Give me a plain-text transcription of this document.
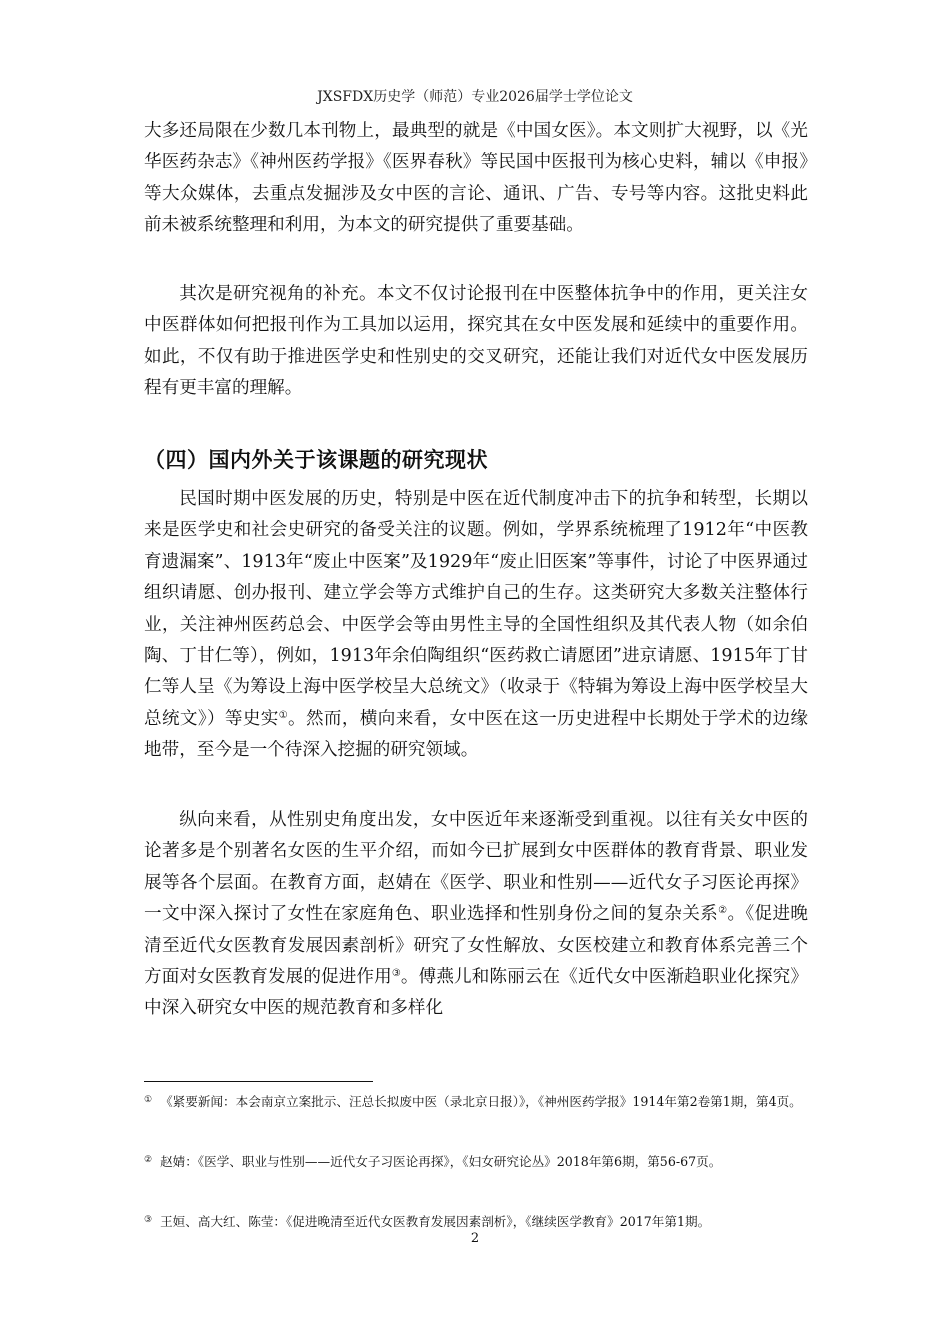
JXSFDX历史学（师范）专业2026届学士学位论文

大多还局限在少数几本刊物上，最典型的就是《中国女医》。本文则扩大视野，以《光华医药杂志》《神州医药学报》《医界春秋》等民国中医报刊为核心史料，辅以《申报》等大众媒体，去重点发掘涉及女中医的言论、通讯、广告、专号等内容。这批史料此前未被系统整理和利用，为本文的研究提供了重要基础。

其次是研究视角的补充。本文不仅讨论报刊在中医整体抗争中的作用，更关注女中医群体如何把报刊作为工具加以运用，探究其在女中医发展和延续中的重要作用。如此，不仅有助于推进医学史和性别史的交叉研究，还能让我们对近代女中医发展历程有更丰富的理解。

（四）国内外关于该课题的研究现状

民国时期中医发展的历史，特别是中医在近代制度冲击下的抗争和转型，长期以来是医学史和社会史研究的备受关注的议题。例如，学界系统梳理了1912年“中医教育遗漏案”、1913年“废止中医案”及1929年“废止旧医案”等事件，讨论了中医界通过组织请愿、创办报刊、建立学会等方式维护自己的生存。这类研究大多数关注整体行业，关注神州医药总会、中医学会等由男性主导的全国性组织及其代表人物（如余伯陶、丁甘仁等），例如，1913年余伯陶组织“医药救亡请愿团”进京请愿、1915年丁甘仁等人呈《为筹设上海中医学校呈大总统文》（收录于《特辑为筹设上海中医学校呈大总统文》）等史实①。然而，横向来看，女中医在这一历史进程中长期处于学术的边缘地带，至今是一个待深入挖掘的研究领域。

纵向来看，从性别史角度出发，女中医近年来逐渐受到重视。以往有关女中医的论著多是个别著名女医的生平介绍，而如今已扩展到女中医群体的教育背景、职业发展等各个层面。在教育方面，赵婧在《医学、职业和性别——近代女子习医论再探》一文中深入探讨了女性在家庭角色、职业选择和性别身份之间的复杂关系②。《促进晚清至近代女医教育发展因素剖析》研究了女性解放、女医校建立和教育体系完善三个方面对女医教育发展的促进作用③。傅燕儿和陈丽云在《近代女中医渐趋职业化探究》中深入研究女中医的规范教育和多样化

① 《紧要新闻：本会南京立案批示、汪总长拟废中医（录北京日报）》，《神州医药学报》1914年第2卷第1期，第4页。

② 赵婧：《医学、职业与性别——近代女子习医论再探》，《妇女研究论丛》2018年第6期，第56-67页。

③ 王姮、高大红、陈莹：《促进晚清至近代女医教育发展因素剖析》，《继续医学教育》2017年第1期。

2
